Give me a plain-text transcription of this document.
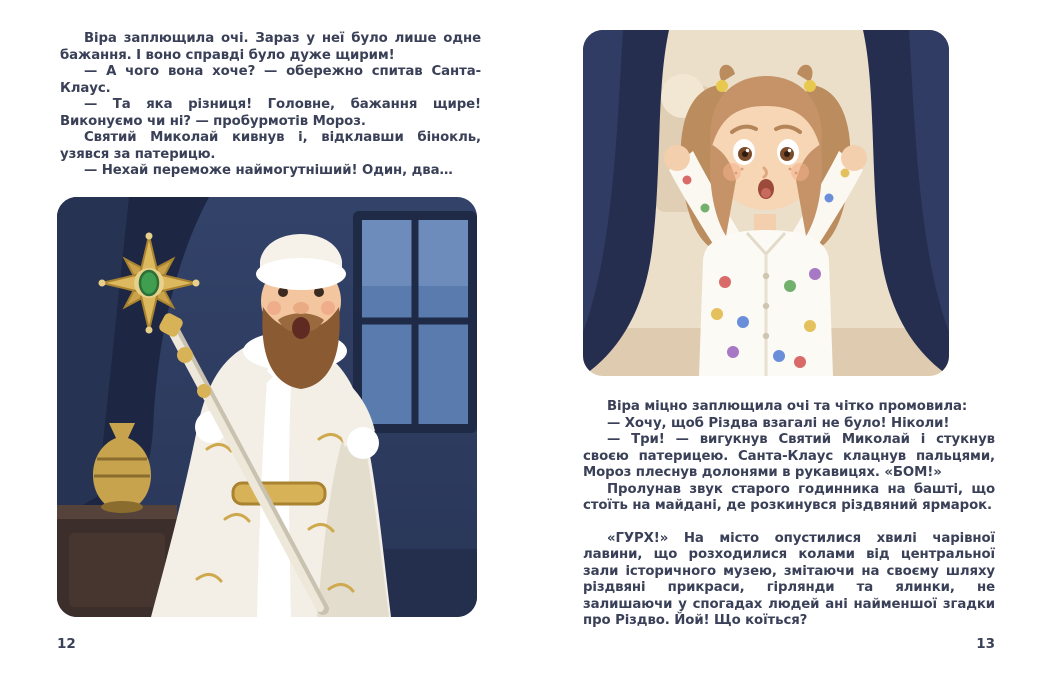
Віра заплющила очі. Зараз у неї було лише одне бажання. І воно справді було дуже щирим!

— А чого вона хоче? — обережно спитав Санта-Клаус.

— Та яка різниця! Головне, бажання щире! Виконуємо чи ні? — пробурмотів Мороз.

Святий Миколай кивнув і, відклавши бінокль, узявся за патерицю.

— Нехай переможе наймогутніший! Один, два…

12

Віра міцно заплющила очі та чітко промовила:

— Хочу, щоб Різдва взагалі не було! Ніколи!

— Три! — вигукнув Святий Миколай і стукнув своєю патерицею. Санта-Клаус клацнув пальцями, Мороз плеснув долонями в рукавицях. «БОМ!»

Пролунав звук старого годинника на башті, що стоїть на майдані, де розкинувся різдвяний ярмарок.

«ГУРХ!» На місто опустилися хвилі чарівної лавини, що розходилися колами від центральної зали історичного музею, змітаючи на своєму шляху різдвяні прикраси, гірлянди та ялинки, не залишаючи у спогадах людей ані найменшої згадки про Різдво. Йой! Що коїться?

13
